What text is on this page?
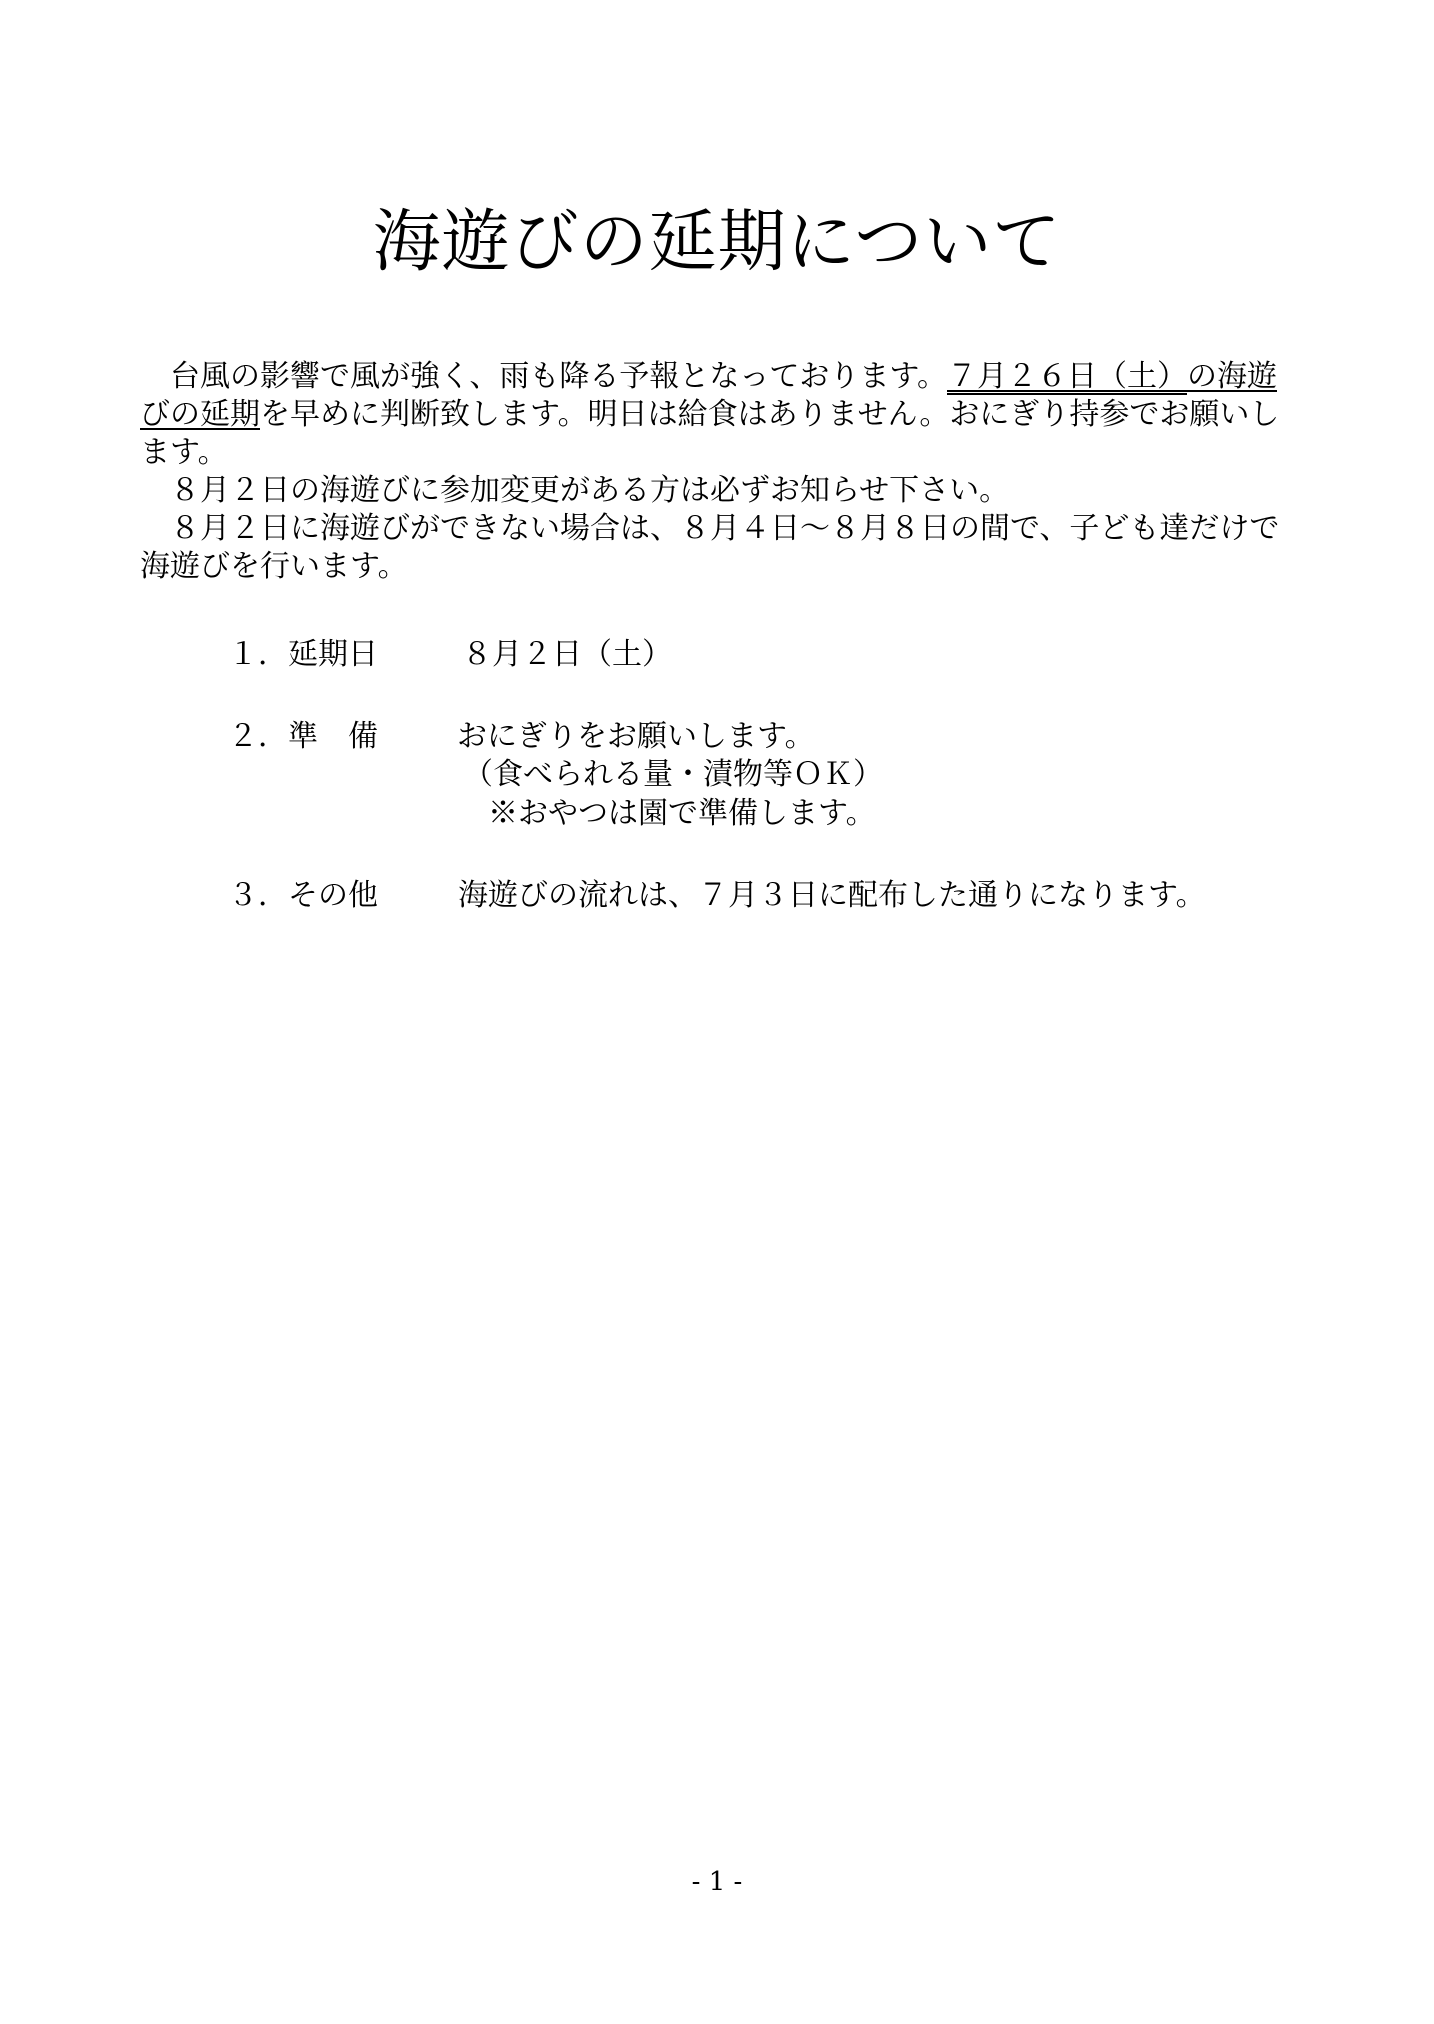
海遊びの延期について

台風の影響で風が強く、雨も降る予報となっております。７月２６日（土）の海遊びの延期を早めに判断致します。明日は給食はありません。おにぎり持参でお願いします。

８月２日の海遊びに参加変更がある方は必ずお知らせ下さい。

８月２日に海遊びができない場合は、８月４日～８月８日の間で、子ども達だけで海遊びを行います。

１．延期日	８月２日（土）
２．準　備	おにぎりをお願いします。
（食べられる量・漬物等ＯＫ）
※おやつは園で準備します。
３．その他	海遊びの流れは、７月３日に配布した通りになります。
- 1 -
